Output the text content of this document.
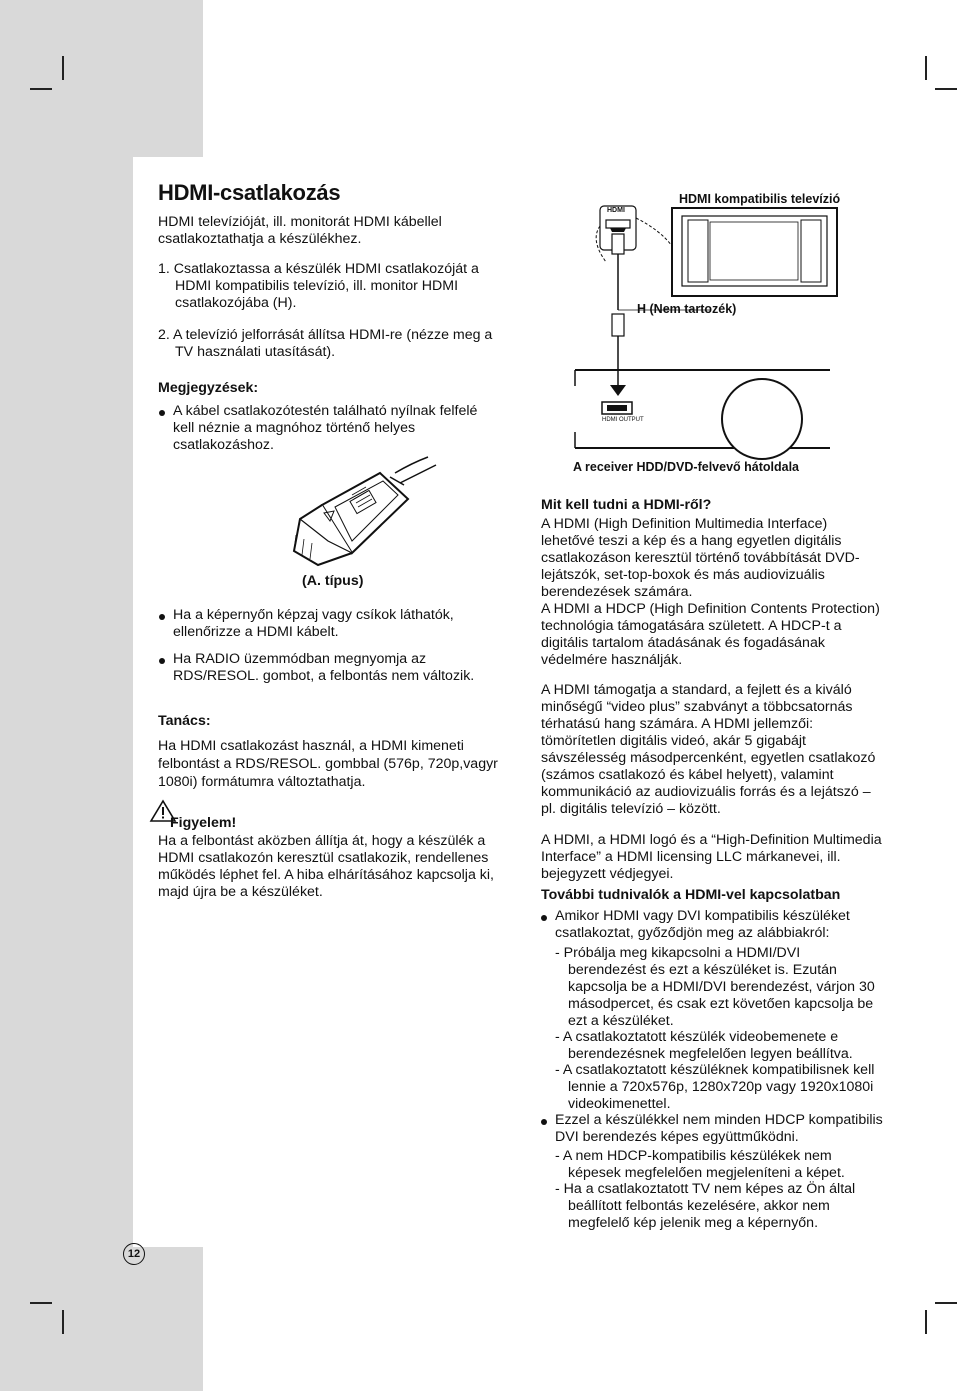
HDMI-csatlakozás
HDMI televízióját, ill. monitorát HDMI kábellel
csatlakoztathatja a készülékhez.
1. Csatlakoztassa a készülék HDMI csatlakozóját a
HDMI kompatibilis televízió, ill. monitor HDMI
csatlakozójába (H).
2. A televízió jelforrását állítsa HDMI-re (nézze meg a
TV használati utasítását).
Megjegyzések:
A kábel csatlakozótestén található nyílnak felfelé
kell néznie a magnóhoz történő helyes
csatlakozáshoz.
(A. típus)
Ha a képernyőn képzaj vagy csíkok láthatók,
ellenőrizze a HDMI kábelt.
Ha RADIO üzemmódban megnyomja az
RDS/RESOL. gombot, a felbontás nem változik.
Tanács:
Ha HDMI csatlakozást használ, a HDMI kimeneti
felbontást a RDS/RESOL. gombbal (576p, 720p,vagyr
1080i) formátumra változtathatja.
Figyelem!
Ha a felbontást aközben állítja át, hogy a készülék a
HDMI csatlakozón keresztül csatlakozik, rendellenes
működés léphet fel. A hiba elhárításához kapcsolja ki,
majd újra be a készüléket.
12
HDMI kompatibilis televízió
HDMI
H (Nem tartozék)
HDMI OUTPUT
A receiver HDD/DVD-felvevő hátoldala
Mit kell tudni a HDMI-ről?
A HDMI (High Definition Multimedia Interface)
lehetővé teszi a kép és a hang egyetlen digitális
csatlakozáson keresztül történő továbbítását DVD-
lejátszók, set-top-boxok és más audiovizuális
berendezések számára.
A HDMI a HDCP (High Definition Contents Protection)
technológia támogatására született. A HDCP-t a
digitális tartalom átadásának és fogadásának
védelmére használják.
A HDMI támogatja a standard, a fejlett és a kiváló
minőségű “video plus” szabványt a többcsatornás
térhatású hang számára. A HDMI jellemzői:
tömörítetlen digitális videó, akár 5 gigabájt
sávszélesség másodpercenként, egyetlen csatlakozó
(számos csatlakozó és kábel helyett), valamint
kommunikáció az audiovizuális forrás és a lejátszó –
pl. digitális televízió – között.
A HDMI, a HDMI logó és a “High-Definition Multimedia
Interface” a HDMI licensing LLC márkanevei, ill.
bejegyzett védjegyei.
További tudnivalók a HDMI-vel kapcsolatban
Amikor HDMI vagy DVI kompatibilis készüléket
csatlakoztat, győződjön meg az alábbiakról:
- Próbálja meg kikapcsolni a HDMI/DVI
berendezést és ezt a készüléket is. Ezután
kapcsolja be a HDMI/DVI berendezést, várjon 30
másodpercet, és csak ezt követően kapcsolja be
ezt a készüléket.
- A csatlakoztatott készülék videobemenete e
berendezésnek megfelelően legyen beállítva.
- A csatlakoztatott készüléknek kompatibilisnek kell
lennie a 720x576p, 1280x720p vagy 1920x1080i
videokimenettel.
Ezzel a készülékkel nem minden HDCP kompatibilis
DVI berendezés képes együttműködni.
- A nem HDCP-kompatibilis készülékek nem
képesek megfelelően megjeleníteni a képet.
- Ha a csatlakoztatott TV nem képes az Ön által
beállított felbontás kezelésére, akkor nem
megfelelő kép jelenik meg a képernyőn.
